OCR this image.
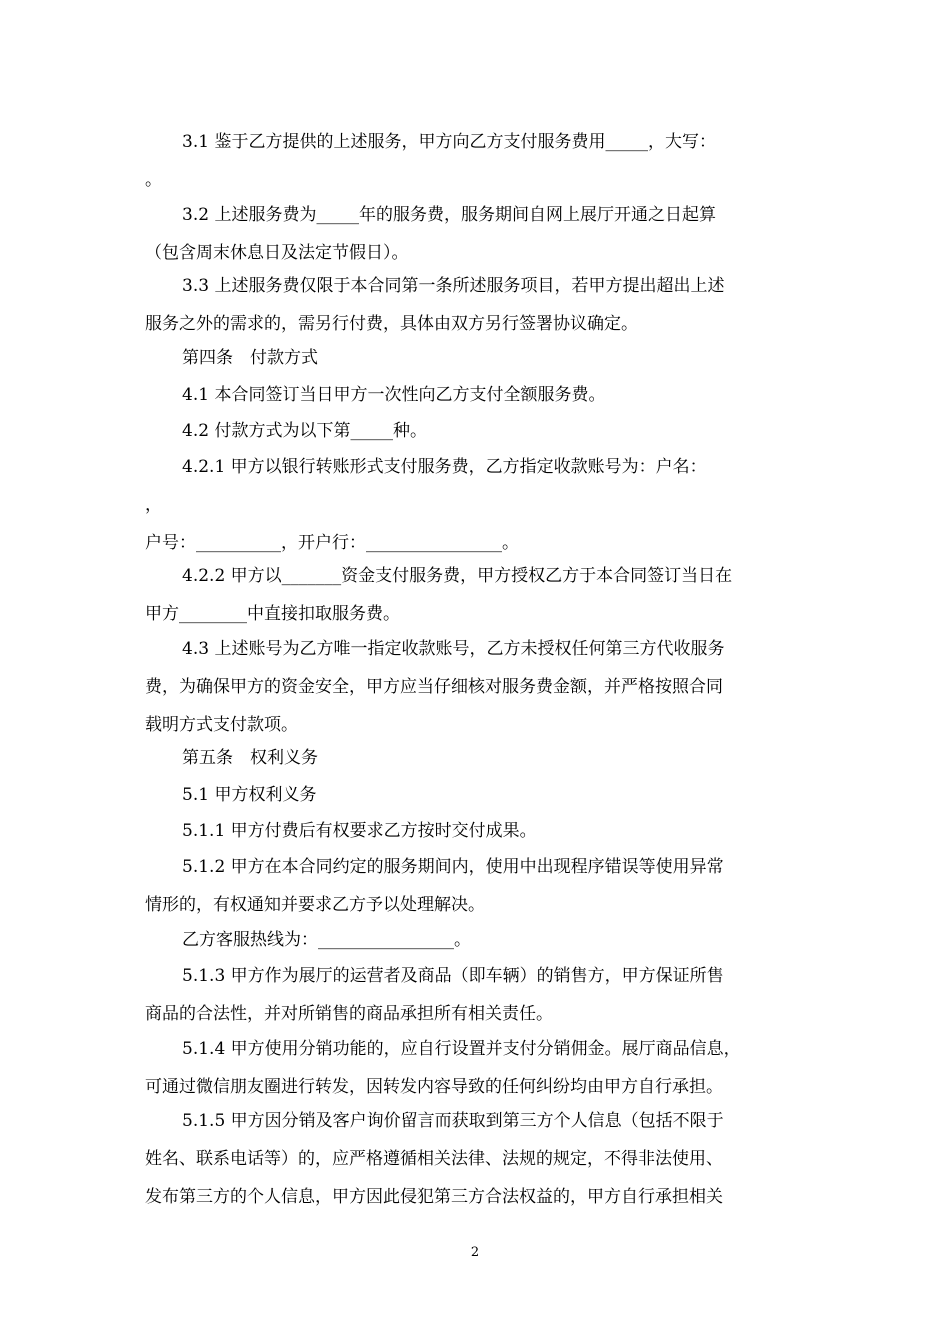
3.1 鉴于乙方提供的上述服务，甲方向乙方支付服务费用_____，大写：
。
3.2 上述服务费为_____年的服务费，服务期间自网上展厅开通之日起算
（包含周末休息日及法定节假日）。
3.3 上述服务费仅限于本合同第一条所述服务项目，若甲方提出超出上述
服务之外的需求的，需另行付费，具体由双方另行签署协议确定。
第四条　付款方式
4.1 本合同签订当日甲方一次性向乙方支付全额服务费。
4.2 付款方式为以下第_____种。
4.2.1 甲方以银行转账形式支付服务费，乙方指定收款账号为：户名：
，
户号：__________，开户行：________________。
4.2.2 甲方以_______资金支付服务费，甲方授权乙方于本合同签订当日在
甲方________中直接扣取服务费。
4.3 上述账号为乙方唯一指定收款账号，乙方未授权任何第三方代收服务
费，为确保甲方的资金安全，甲方应当仔细核对服务费金额，并严格按照合同
载明方式支付款项。
第五条　权利义务
5.1 甲方权利义务
5.1.1 甲方付费后有权要求乙方按时交付成果。
5.1.2 甲方在本合同约定的服务期间内，使用中出现程序错误等使用异常
情形的，有权通知并要求乙方予以处理解决。
乙方客服热线为：________________。
5.1.3 甲方作为展厅的运营者及商品（即车辆）的销售方，甲方保证所售
商品的合法性，并对所销售的商品承担所有相关责任。
5.1.4 甲方使用分销功能的，应自行设置并支付分销佣金。展厅商品信息，
可通过微信朋友圈进行转发，因转发内容导致的任何纠纷均由甲方自行承担。
5.1.5 甲方因分销及客户询价留言而获取到第三方个人信息（包括不限于
姓名、联系电话等）的，应严格遵循相关法律、法规的规定，不得非法使用、
发布第三方的个人信息，甲方因此侵犯第三方合法权益的，甲方自行承担相关
2
